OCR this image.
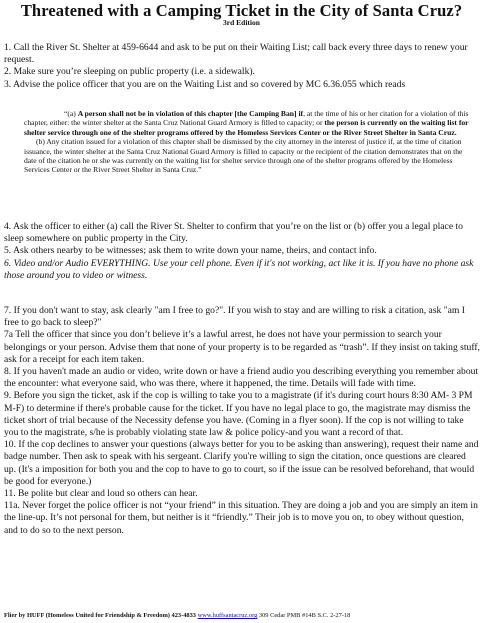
Threatened with a Camping Ticket in the City of Santa Cruz?
3rd Edition

1. Call the River St. Shelter at 459-6644 and ask to be put on their Waiting List; call back every three days to renew your request.

2. Make sure you’re sleeping on public property (i.e. a sidewalk).

3. Advise the police officer that you are on the Waiting List and so covered by MC 6.36.055 which reads

“(a) A person shall not be in violation of this chapter [the Camping Ban] if, at the time of his or her citation for a violation of this chapter, either: the winter shelter at the Santa Cruz National Guard Armory is filled to capacity; or the person is currently on the waiting list for shelter service through one of the shelter programs offered by the Homeless Services Center or the River Street Shelter in Santa Cruz.

(b) Any citation issued for a violation of this chapter shall be dismissed by the city attorney in the interest of justice if, at the time of citation issuance, the winter shelter at the Santa Cruz National Guard Armory is filled to capacity or the recipient of the citation demonstrates that on the date of the citation he or she was currently on the waiting list for shelter service through one of the shelter programs offered by the Homeless Services Center or the River Street Shelter in Santa Cruz.”

4. Ask the officer to either (a) call the River St. Shelter to confirm that you’re on the list or (b) offer you a legal place to sleep somewhere on public property in the City.

5. Ask others nearby to be witnesses; ask them to write down your name, theirs, and contact info.

6. Video and/or Audio EVERYTHING. Use your cell phone. Even if it's not working, act like it is. If you have no phone ask those around you to video or witness.

7. If you don't want to stay, ask clearly "am I free to go?". If you wish to stay and are willing to risk a citation, ask "am I free to go back to sleep?"

7a Tell the officer that since you don’t believe it’s a lawful arrest, he does not have your permission to search your belongings or your person. Advise them that none of your property is to be regarded as “trash”. If they insist on taking stuff, ask for a receipt for each item taken.

8. If you haven't made an audio or video, write down or have a friend audio you describing everything you remember about the encounter: what everyone said, who was there, where it happened, the time. Details will fade with time.

9. Before you sign the ticket, ask if the cop is willing to take you to a magistrate (if it's during court hours 8:30 AM- 3 PM M-F) to determine if there's probable cause for the ticket. If you have no legal place to go, the magistrate may dismiss the ticket short of trial because of the Necessity defense you have. (Coming in a flyer soon). If the cop is not willing to take you to the magistrate, s/he is probably violating state law & police policy-and you want a record of that.

10. If the cop declines to answer your questions (always better for you to be asking than answering), request their name and badge number. Then ask to speak with his sergeant. Clarify you're willing to sign the citation, once questions are cleared up. (It's a imposition for both you and the cop to have to go to court, so if the issue can be resolved beforehand, that would be good for everyone.)

11. Be polite but clear and loud so others can hear.

11a. Never forget the police officer is not “your friend” in this situation. They are doing a job and you are simply an item in the line-up. It’s not personal for them, but neither is it “friendly.” Their job is to move you on, to obey without question, and to do so to the next person.

Flier by HUFF (Homeless United for Friendship & Freedom) 423-4833 www.huffsantacruz.org 309 Cedar PMB #14B S.C. 2-27-18
